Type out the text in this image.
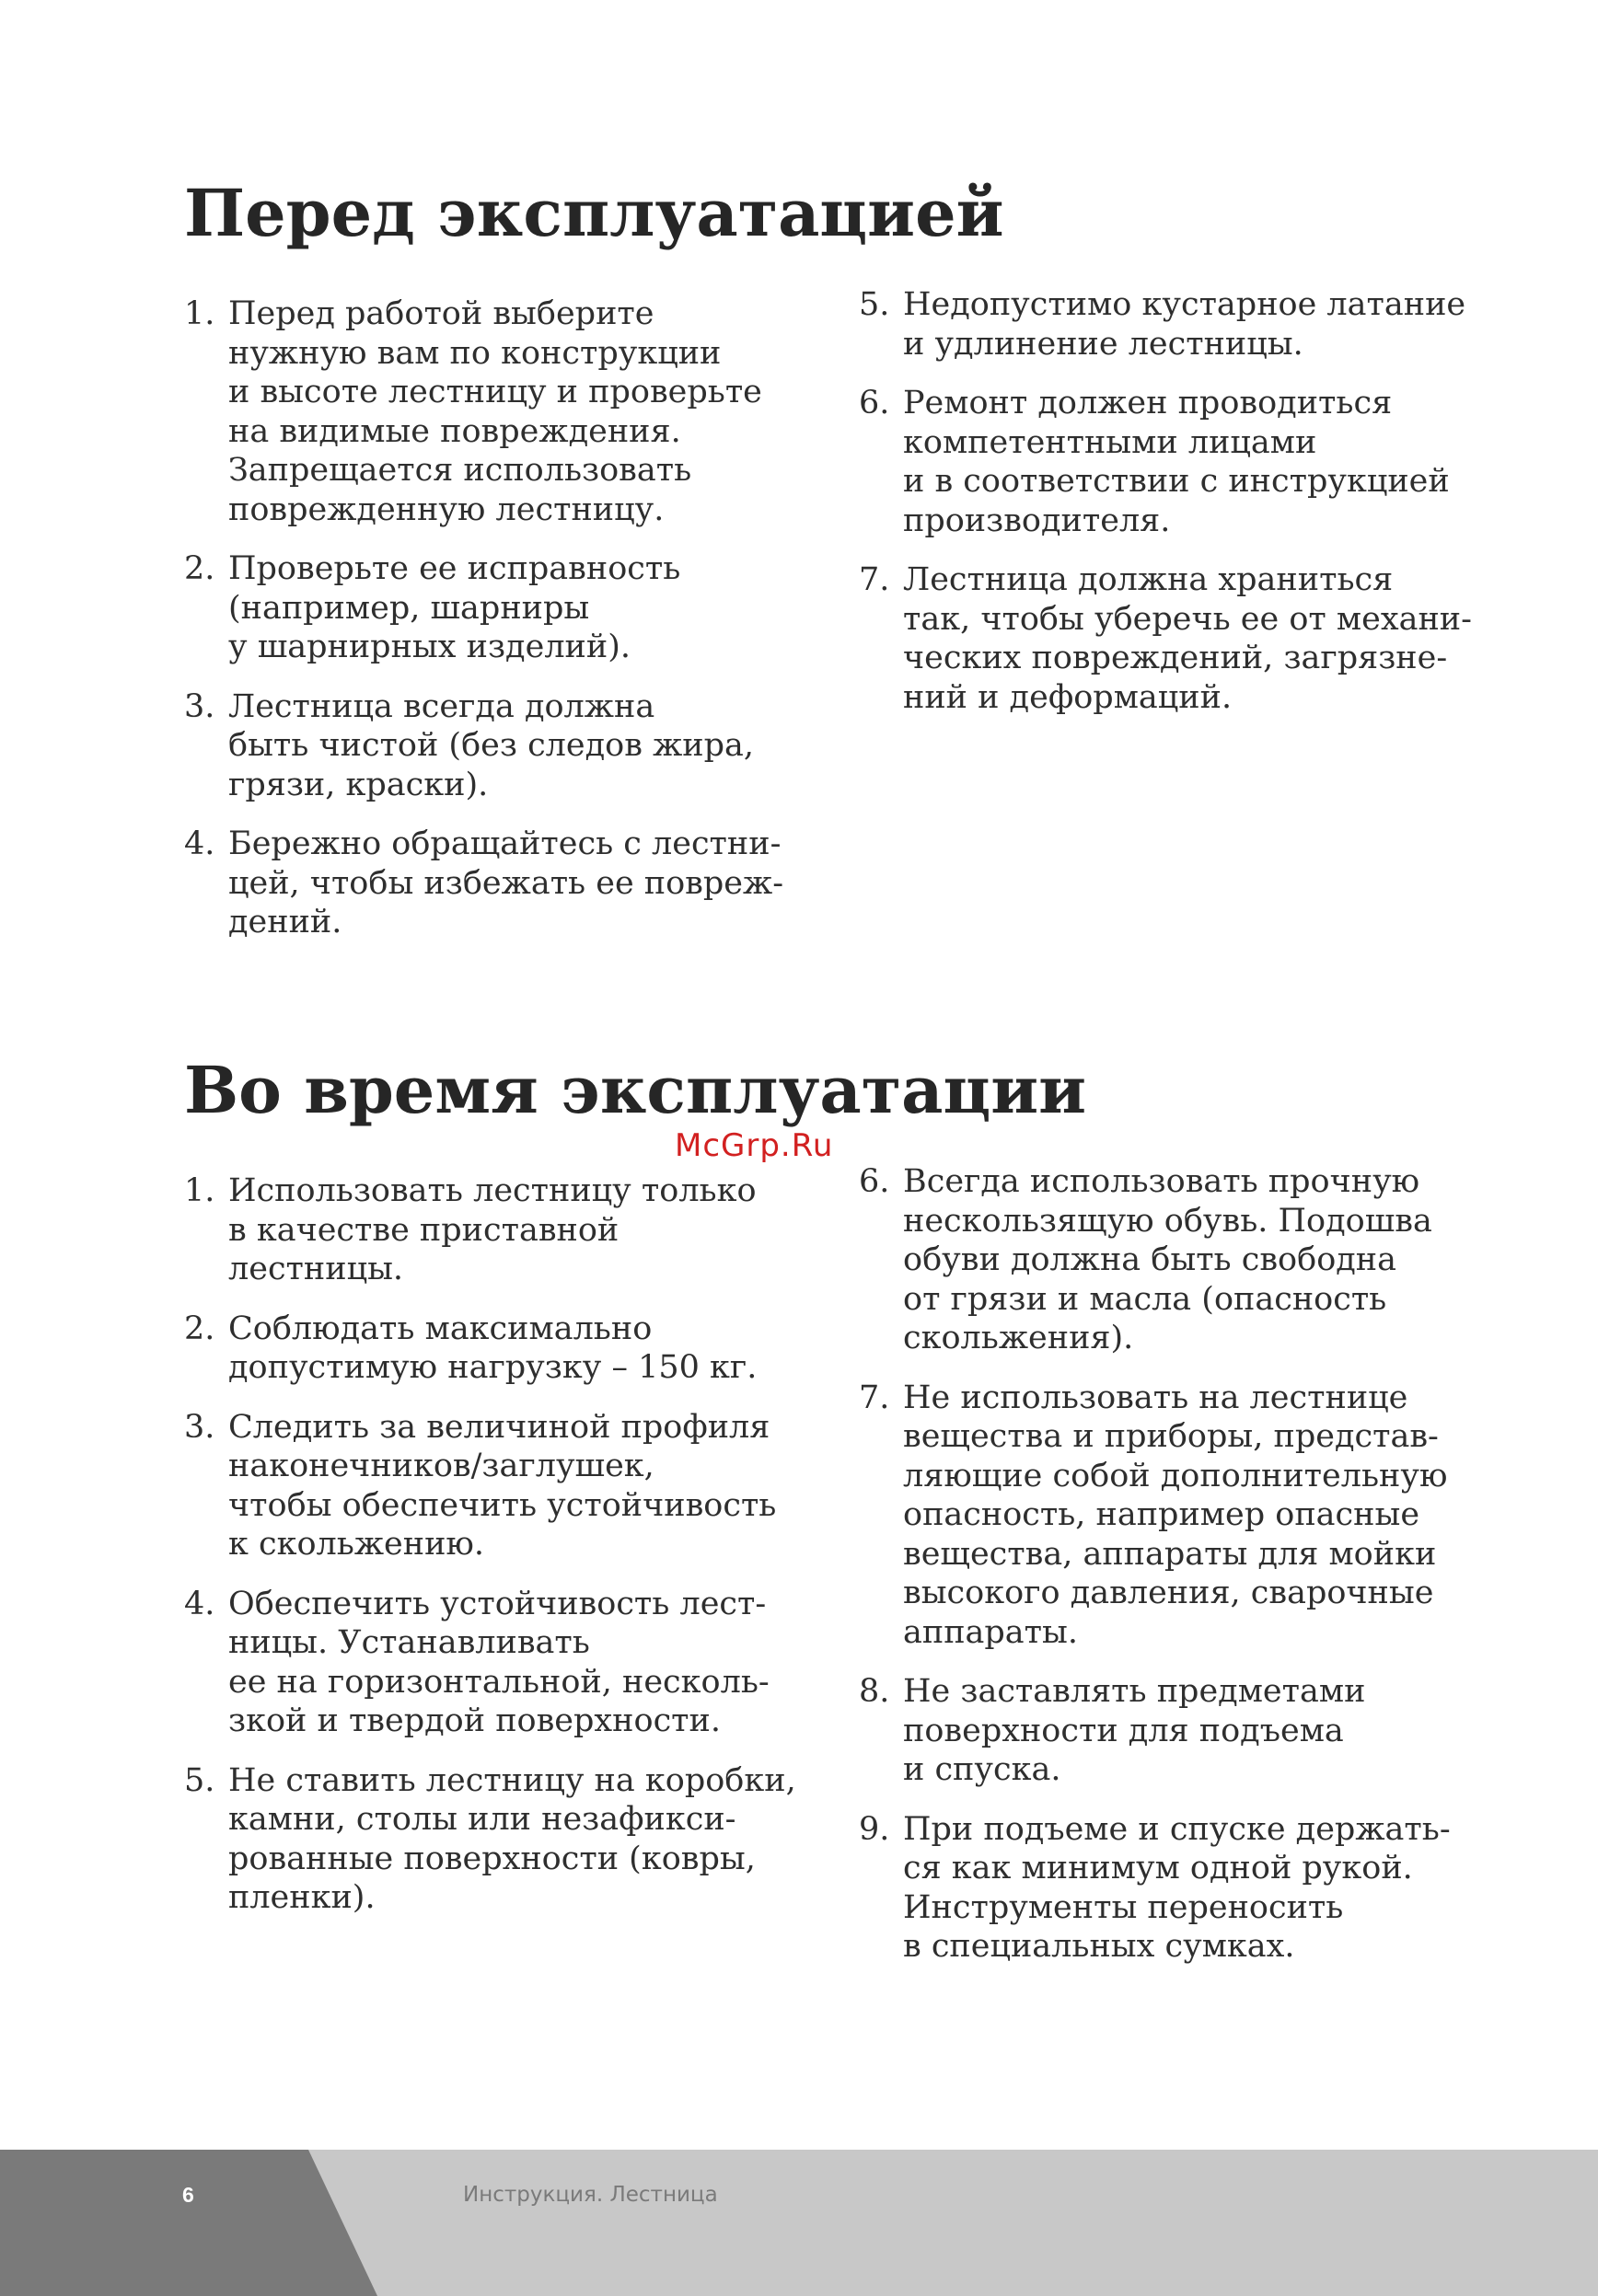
Перед эксплуатацией
1. Перед работой выберите
нужную вам по конструкции
и высоте лестницу и проверьте
на видимые повреждения.
Запрещается использовать
поврежденную лестницу.
2. Проверьте ее исправность
(например, шарниры
у шарнирных изделий).
3. Лестница всегда должна
быть чистой (без следов жира,
грязи, краски).
4. Бережно обращайтесь с лестни-
цей, чтобы избежать ее повреж-
дений.
5. Недопустимо кустарное латание
и удлинение лестницы.
6. Ремонт должен проводиться
компетентными лицами
и в соответствии с инструкцией
производителя.
7. Лестница должна храниться
так, чтобы уберечь ее от механи-
ческих повреждений, загрязне-
ний и деформаций.
Во время эксплуатации
McGrp.Ru
1. Использовать лестницу только
в качестве приставной
лестницы.
2. Соблюдать максимально
допустимую нагрузку – 150 кг.
3. Следить за величиной профиля
наконечников/заглушек,
чтобы обеспечить устойчивость
к скольжению.
4. Обеспечить устойчивость лест-
ницы. Устанавливать
ее на горизонтальной, несколь-
зкой и твердой поверхности.
5. Не ставить лестницу на коробки,
камни, столы или незафикси-
рованные поверхности (ковры,
пленки).
6. Всегда использовать прочную
нескользящую обувь. Подошва
обуви должна быть свободна
от грязи и масла (опасность
скольжения).
7. Не использовать на лестнице
вещества и приборы, представ-
ляющие собой дополнительную
опасность, например опасные
вещества, аппараты для мойки
высокого давления, сварочные
аппараты.
8. Не заставлять предметами
поверхности для подъема
и спуска.
9. При подъеме и спуске держать-
ся как минимум одной рукой.
Инструменты переносить
в специальных сумках.
6	Инструкция. Лестница
